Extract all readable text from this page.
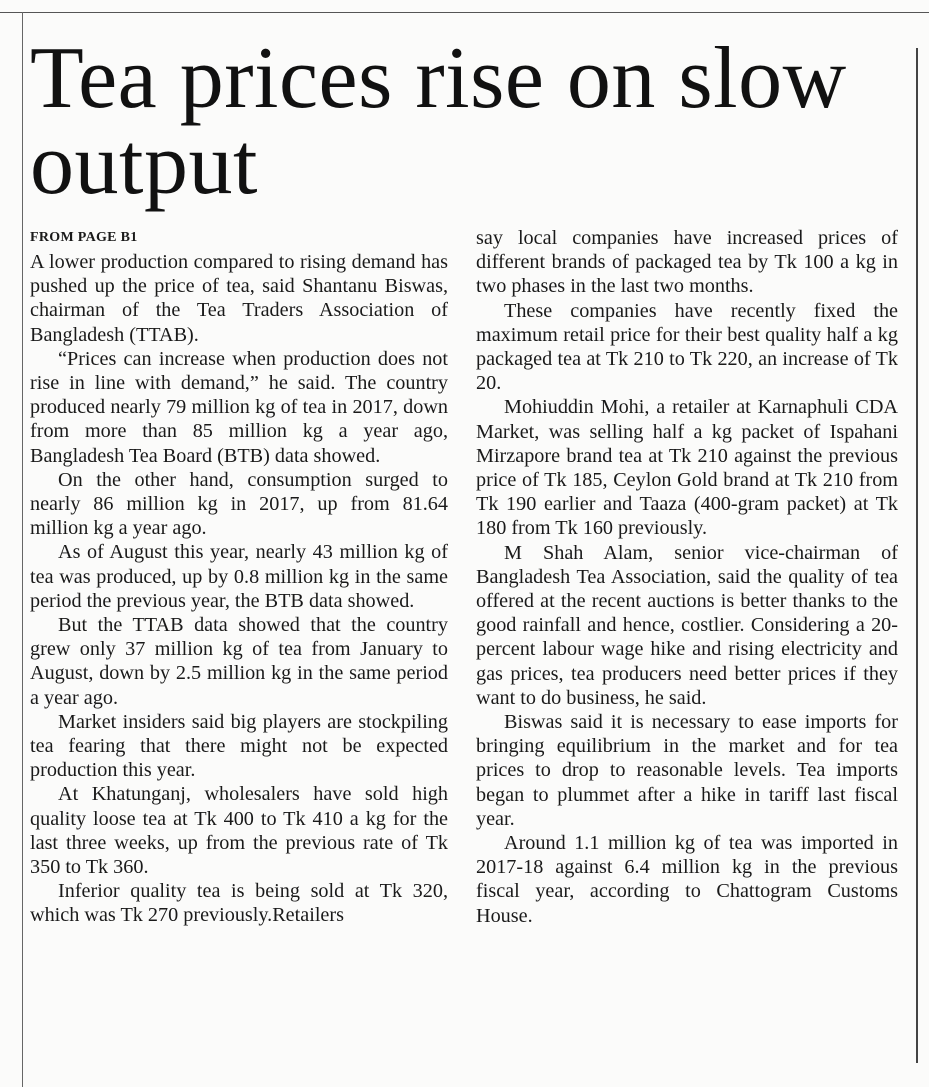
Tea prices rise on slow output
FROM PAGE B1

A lower production compared to rising demand has pushed up the price of tea, said Shantanu Biswas, chairman of the Tea Traders Association of Bangladesh (TTAB).

“Prices can increase when production does not rise in line with demand,” he said. The country produced nearly 79 million kg of tea in 2017, down from more than 85 million kg a year ago, Bangladesh Tea Board (BTB) data showed.

On the other hand, consumption surged to nearly 86 million kg in 2017, up from 81.64 million kg a year ago.

As of August this year, nearly 43 million kg of tea was produced, up by 0.8 million kg in the same period the previous year, the BTB data showed.

But the TTAB data showed that the country grew only 37 million kg of tea from January to August, down by 2.5 million kg in the same period a year ago.

Market insiders said big players are stockpiling tea fearing that there might not be expected production this year.

At Khatunganj, wholesalers have sold high quality loose tea at Tk 400 to Tk 410 a kg for the last three weeks, up from the previous rate of Tk 350 to Tk 360.

Inferior quality tea is being sold at Tk 320, which was Tk 270 previously.Retailers

say local companies have increased prices of different brands of packaged tea by Tk 100 a kg in two phases in the last two months.

These companies have recently fixed the maximum retail price for their best quality half a kg packaged tea at Tk 210 to Tk 220, an increase of Tk 20.

Mohiuddin Mohi, a retailer at Karnaphuli CDA Market, was selling half a kg packet of Ispahani Mirzapore brand tea at Tk 210 against the previous price of Tk 185, Ceylon Gold brand at Tk 210 from Tk 190 earlier and Taaza (400-gram packet) at Tk 180 from Tk 160 previously.

M Shah Alam, senior vice-chairman of Bangladesh Tea Association, said the quality of tea offered at the recent auctions is better thanks to the good rainfall and hence, costlier. Considering a 20-percent labour wage hike and rising electricity and gas prices, tea producers need better prices if they want to do business, he said.

Biswas said it is necessary to ease imports for bringing equilibrium in the market and for tea prices to drop to reasonable levels. Tea imports began to plummet after a hike in tariff last fiscal year.

Around 1.1 million kg of tea was imported in 2017-18 against 6.4 million kg in the previous fiscal year, according to Chattogram Customs House.
